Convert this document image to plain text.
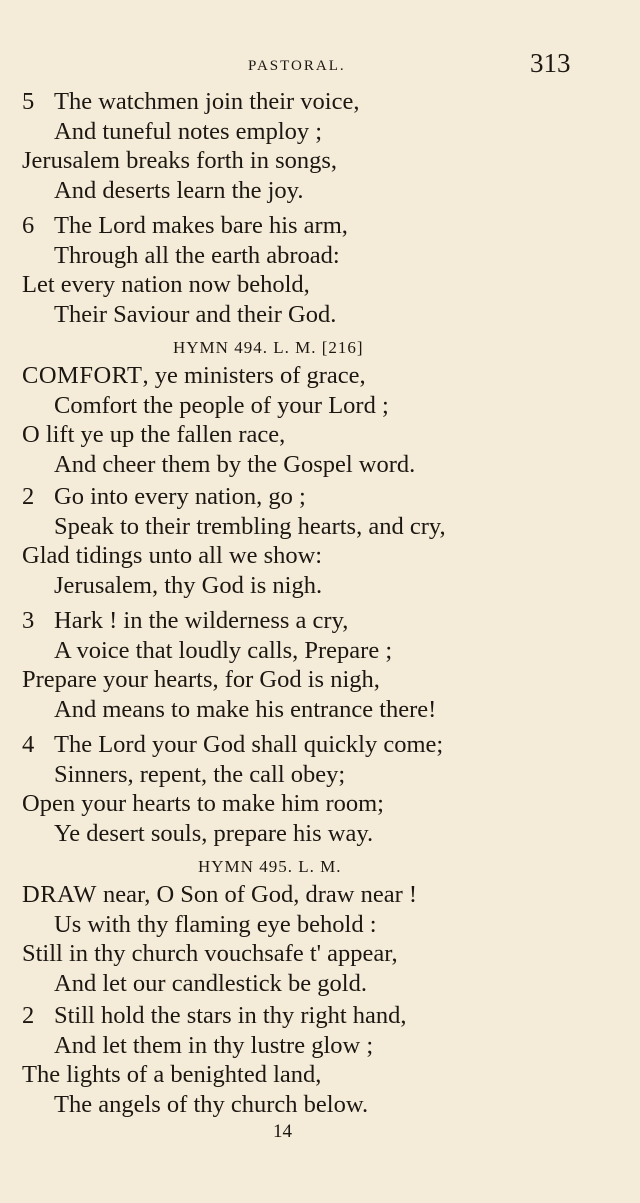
PASTORAL.	313
5 The watchmen join their voice,
And tuneful notes employ ;
Jerusalem breaks forth in songs,
And deserts learn the joy.
6 The Lord makes bare his arm,
Through all the earth abroad:
Let every nation now behold,
Their Saviour and their God.
HYMN 494. L. M. [216]
COMFORT, ye ministers of grace,
Comfort the people of your Lord ;
O lift ye up the fallen race,
And cheer them by the Gospel word.
2 Go into every nation, go ;
Speak to their trembling hearts, and cry,
Glad tidings unto all we show:
Jerusalem, thy God is nigh.
3 Hark ! in the wilderness a cry,
A voice that loudly calls, Prepare ;
Prepare your hearts, for God is nigh,
And means to make his entrance there!
4 The Lord your God shall quickly come;
Sinners, repent, the call obey;
Open your hearts to make him room;
Ye desert souls, prepare his way.
HYMN 495. L. M.
DRAW near, O Son of God, draw near !
Us with thy flaming eye behold :
Still in thy church vouchsafe t' appear,
And let our candlestick be gold.
2 Still hold the stars in thy right hand,
And let them in thy lustre glow ;
The lights of a benighted land,
The angels of thy church below.
14
